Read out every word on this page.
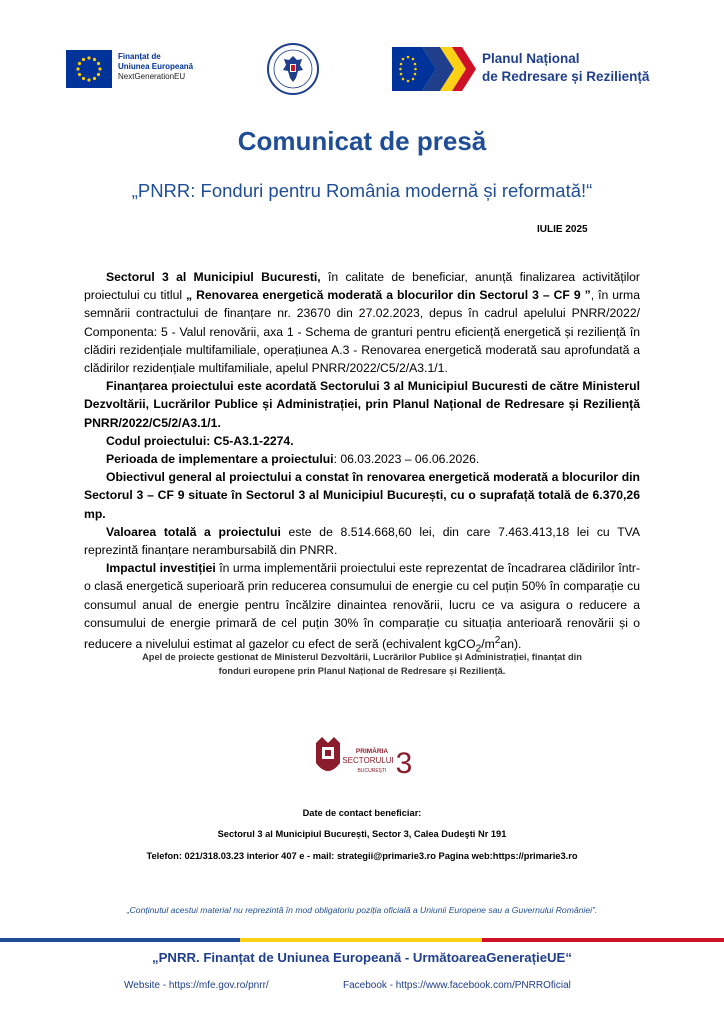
Finanțat de
Uniunea Europeană
NextGenerationEU
Planul Național
de Redresare și Reziliență
Comunicat de presă
„PNRR: Fonduri pentru România modernă și reformată!“
IULIE 2025

Sectorul 3 al Municipiul Bucuresti, în calitate de beneficiar, anunță finalizarea activităților proiectului cu titlul „ Renovarea energetică moderată a blocurilor din Sectorul 3 – CF 9 ”, în urma semnării contractului de finanțare nr. 23670 din 27.02.2023, depus în cadrul apelului PNRR/2022/ Componenta: 5 - Valul renovării, axa 1 - Schema de granturi pentru eficiență energetică și reziliență în clădiri rezidențiale multifamiliale, operațiunea A.3 - Renovarea energetică moderată sau aprofundată a clădirilor rezidențiale multifamiliale, apelul PNRR/2022/C5/2/A3.1/1.

Finanțarea proiectului este acordată Sectorului 3 al Municipiul Bucuresti de către Ministerul Dezvoltării, Lucrărilor Publice și Administrației, prin Planul Național de Redresare și Reziliență PNRR/2022/C5/2/A3.1/1.

Codul proiectului: C5-A3.1-2274.

Perioada de implementare a proiectului: 06.03.2023 – 06.06.2026.

Obiectivul general al proiectului a constat în renovarea energetică moderată a blocurilor din Sectorul 3 – CF 9 situate în Sectorul 3 al Municipiul București, cu o suprafață totală de 6.370,26 mp.

Valoarea totală a proiectului este de 8.514.668,60 lei, din care 7.463.413,18 lei cu TVA reprezintă finanțare nerambursabilă din PNRR.

Impactul investiției în urma implementării proiectului este reprezentat de încadrarea clădirilor într-o clasă energetică superioară prin reducerea consumului de energie cu cel puțin 50% în comparație cu consumul anual de energie pentru încălzire dinaintea renovării, lucru ce va asigura o reducere a consumului de energie primară de cel puțin 30% în comparație cu situația anterioară renovării și o reducere a nivelului estimat al gazelor cu efect de seră (echivalent $kgCO_2/m^2an$).

Apel de proiecte gestionat de Ministerul Dezvoltării, Lucrărilor Publice și Administrației, finanțat din
fonduri europene prin Planul Național de Redresare și Reziliență.
PRIMĂRIA
SECTORULUI
BUCUREȘTI 3
Date de contact beneficiar:
Sectorul 3 al Municipiul București, Sector 3, Calea Dudeşti Nr 191
Telefon: 021/318.03.23 interior 407 e - mail: strategii@primarie3.ro Pagina web:https://primarie3.ro
„Conținutul acestui material nu reprezintă în mod obligatoriu poziția oficială a Uniunii Europene sau a Guvernului României”.
„PNRR. Finanțat de Uniunea Europeană - UrmătoareaGenerațieUE“
Website - https://mfe.gov.ro/pnrr/	Facebook - https://www.facebook.com/PNRROficial
